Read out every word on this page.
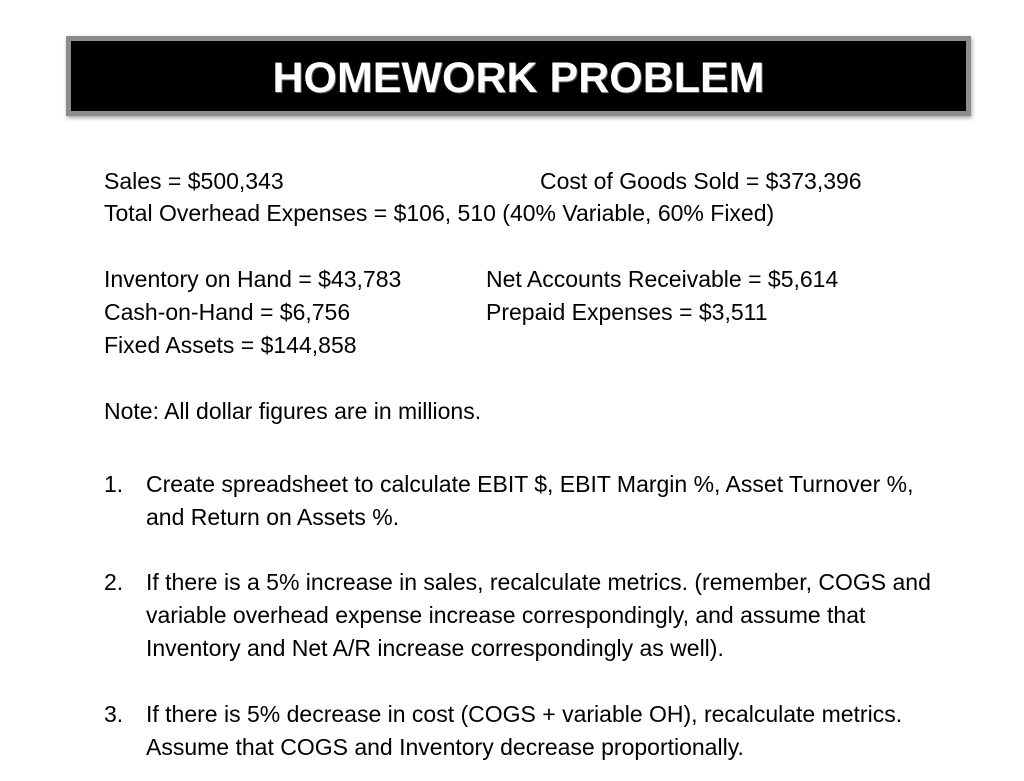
HOMEWORK PROBLEM
Sales = $500,343	Cost of Goods Sold = $373,396
Total Overhead Expenses = $106, 510 (40% Variable, 60% Fixed)
Inventory on Hand = $43,783	Net Accounts Receivable = $5,614
Cash-on-Hand = $6,756	Prepaid Expenses = $3,511
Fixed Assets = $144,858
Note: All dollar figures are in millions.
1. Create spreadsheet to calculate EBIT $, EBIT Margin %, Asset Turnover %, and Return on Assets %.
2. If there is a 5% increase in sales, recalculate metrics. (remember, COGS and variable overhead expense increase correspondingly, and assume that Inventory and Net A/R increase correspondingly as well).
3. If there is 5% decrease in cost (COGS + variable OH), recalculate metrics. Assume that COGS and Inventory decrease proportionally.
